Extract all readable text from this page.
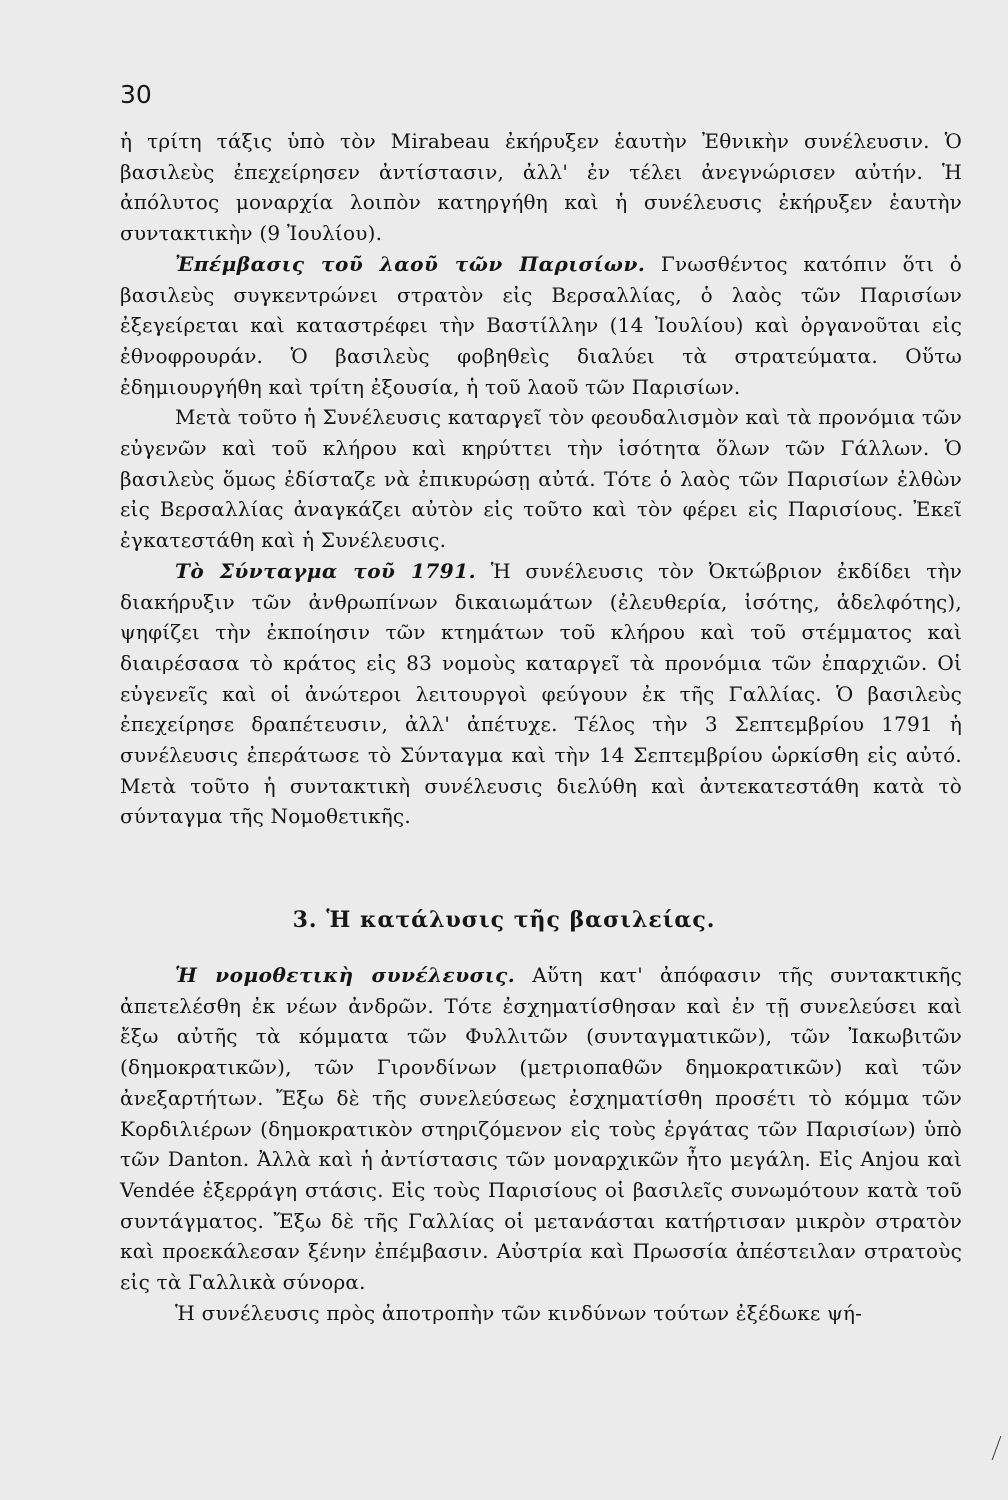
30

ἡ τρίτη τάξις ὑπὸ τὸν Mirabeau ἐκήρυξεν ἑαυτὴν Ἐθνικὴν συνέλευσιν. Ὁ βασιλεὺς ἐπεχείρησεν ἀντίστασιν, ἀλλ' ἐν τέλει ἀνεγνώρισεν αὐτήν. Ἡ ἀπόλυτος μοναρχία λοιπὸν κατηργήθη καὶ ἡ συνέλευσις ἐκήρυξεν ἑαυτὴν συντακτικὴν (9 Ἰουλίου).

Ἐπέμβασις τοῦ λαοῦ τῶν Παρισίων. Γνωσθέντος κατόπιν ὅτι ὁ βασιλεὺς συγκεντρώνει στρατὸν εἰς Βερσαλλίας, ὁ λαὸς τῶν Παρισίων ἐξεγείρεται καὶ καταστρέφει τὴν Βαστίλλην (14 Ἰουλίου) καὶ ὀργανοῦται εἰς ἐθνοφρουράν. Ὁ βασιλεὺς φοβηθεὶς διαλύει τὰ στρατεύματα. Οὕτω ἐδημιουργήθη καὶ τρίτη ἐξουσία, ἡ τοῦ λαοῦ τῶν Παρισίων.

Μετὰ τοῦτο ἡ Συνέλευσις καταργεῖ τὸν φεουδαλισμὸν καὶ τὰ προνόμια τῶν εὐγενῶν καὶ τοῦ κλήρου καὶ κηρύττει τὴν ἰσότητα ὅλων τῶν Γάλλων. Ὁ βασιλεὺς ὅμως ἐδίσταζε νὰ ἐπικυρώσῃ αὐτά. Τότε ὁ λαὸς τῶν Παρισίων ἐλθὼν εἰς Βερσαλλίας ἀναγκάζει αὐτὸν εἰς τοῦτο καὶ τὸν φέρει εἰς Παρισίους. Ἐκεῖ ἐγκατεστάθη καὶ ἡ Συνέλευσις.

Τὸ Σύνταγμα τοῦ 1791. Ἡ συνέλευσις τὸν Ὀκτώβριον ἐκδίδει τὴν διακήρυξιν τῶν ἀνθρωπίνων δικαιωμάτων (ἐλευθερία, ἰσότης, ἀδελφότης), ψηφίζει τὴν ἐκποίησιν τῶν κτημάτων τοῦ κλήρου καὶ τοῦ στέμματος καὶ διαιρέσασα τὸ κράτος εἰς 83 νομοὺς καταργεῖ τὰ προνόμια τῶν ἐπαρχιῶν. Οἱ εὐγενεῖς καὶ οἱ ἀνώτεροι λειτουργοὶ φεύγουν ἐκ τῆς Γαλλίας. Ὁ βασιλεὺς ἐπεχείρησε δραπέτευσιν, ἀλλ' ἀπέτυχε. Τέλος τὴν 3 Σεπτεμβρίου 1791 ἡ συνέλευσις ἐπεράτωσε τὸ Σύνταγμα καὶ τὴν 14 Σεπτεμβρίου ὡρκίσθη εἰς αὐτό. Μετὰ τοῦτο ἡ συντακτικὴ συνέλευσις διελύθη καὶ ἀντεκατεστάθη κατὰ τὸ σύνταγμα τῆς Νομοθετικῆς.

3. Ἡ κατάλυσις τῆς βασιλείας.

Ἡ νομοθετικὴ συνέλευσις. Αὕτη κατ' ἀπόφασιν τῆς συντακτικῆς ἀπετελέσθη ἐκ νέων ἀνδρῶν. Τότε ἐσχηματίσθησαν καὶ ἐν τῇ συνελεύσει καὶ ἔξω αὐτῆς τὰ κόμματα τῶν Φυλλιτῶν (συνταγματικῶν), τῶν Ἰακωβιτῶν (δημοκρατικῶν), τῶν Γιρονδίνων (μετριοπαθῶν δημοκρατικῶν) καὶ τῶν ἀνεξαρτήτων. Ἔξω δὲ τῆς συνελεύσεως ἐσχηματίσθη προσέτι τὸ κόμμα τῶν Κορδιλιέρων (δημοκρατικὸν στηριζόμενον εἰς τοὺς ἐργάτας τῶν Παρισίων) ὑπὸ τῶν Danton. Ἀλλὰ καὶ ἡ ἀντίστασις τῶν μοναρχικῶν ἦτο μεγάλη. Εἰς Anjou καὶ Vendée ἐξερράγη στάσις. Εἰς τοὺς Παρισίους οἱ βασιλεῖς συνωμότουν κατὰ τοῦ συντάγματος. Ἔξω δὲ τῆς Γαλλίας οἱ μετανάσται κατήρτισαν μικρὸν στρατὸν καὶ προεκάλεσαν ξένην ἐπέμβασιν. Αὐστρία καὶ Πρωσσία ἀπέστειλαν στρατοὺς εἰς τὰ Γαλλικὰ σύνορα.

Ἡ συνέλευσις πρὸς ἀποτροπὴν τῶν κινδύνων τούτων ἐξέδωκε ψή-
